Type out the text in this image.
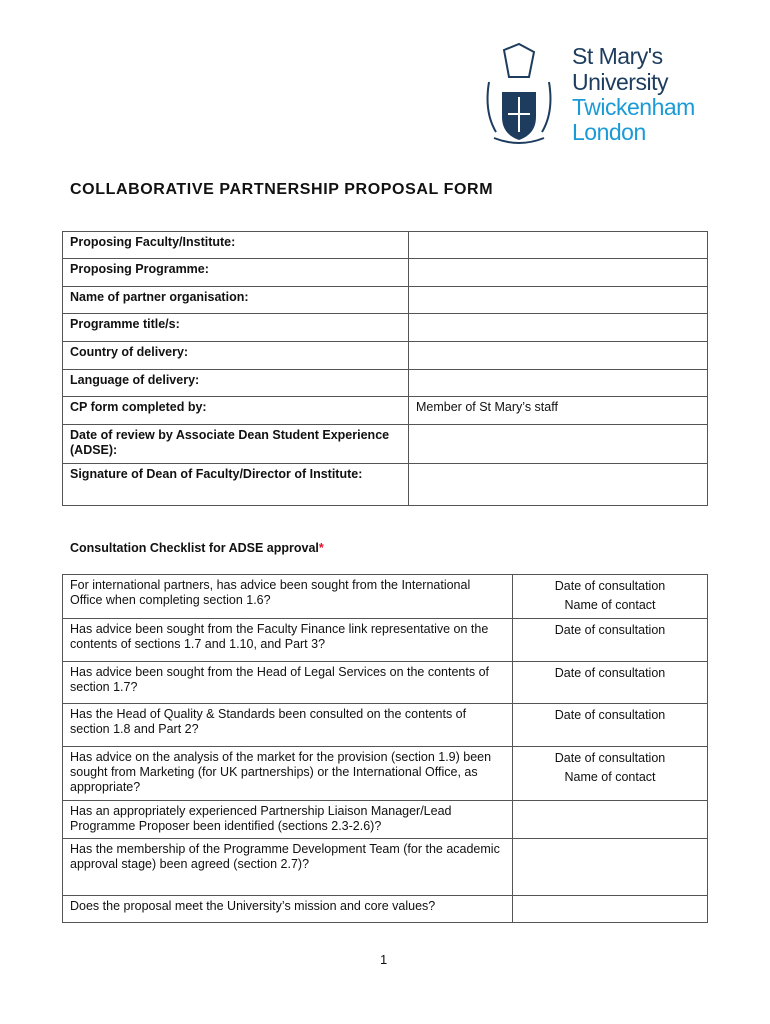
St Mary's
University
Twickenham
London
COLLABORATIVE PARTNERSHIP PROPOSAL FORM
Proposing Faculty/Institute:	
Proposing Programme:	
Name of partner organisation:	
Programme title/s:	
Country of delivery:	
Language of delivery:	
CP form completed by:	Member of St Mary’s staff
Date of review by Associate Dean Student Experience (ADSE):	
Signature of Dean of Faculty/Director of Institute:	
Consultation Checklist for ADSE approval*
For international partners, has advice been sought from the International Office when completing section 1.6?	Date of consultation
Name of contact

Has advice been sought from the Faculty Finance link representative on the contents of sections 1.7 and 1.10, and Part 3?	Date of consultation

Has advice been sought from the Head of Legal Services on the contents of section 1.7?	Date of consultation

Has the Head of Quality & Standards been consulted on the contents of section 1.8 and Part 2?	Date of consultation

Has advice on the analysis of the market for the provision (section 1.9) been sought from Marketing (for UK partnerships) or the International Office, as appropriate?	Date of consultation
Name of contact

Has an appropriately experienced Partnership Liaison Manager/Lead Programme Proposer been identified (sections 2.3-2.6)?	

Has the membership of the Programme Development Team (for the academic approval stage) been agreed (section 2.7)?	

Does the proposal meet the University’s mission and core values?	
1
